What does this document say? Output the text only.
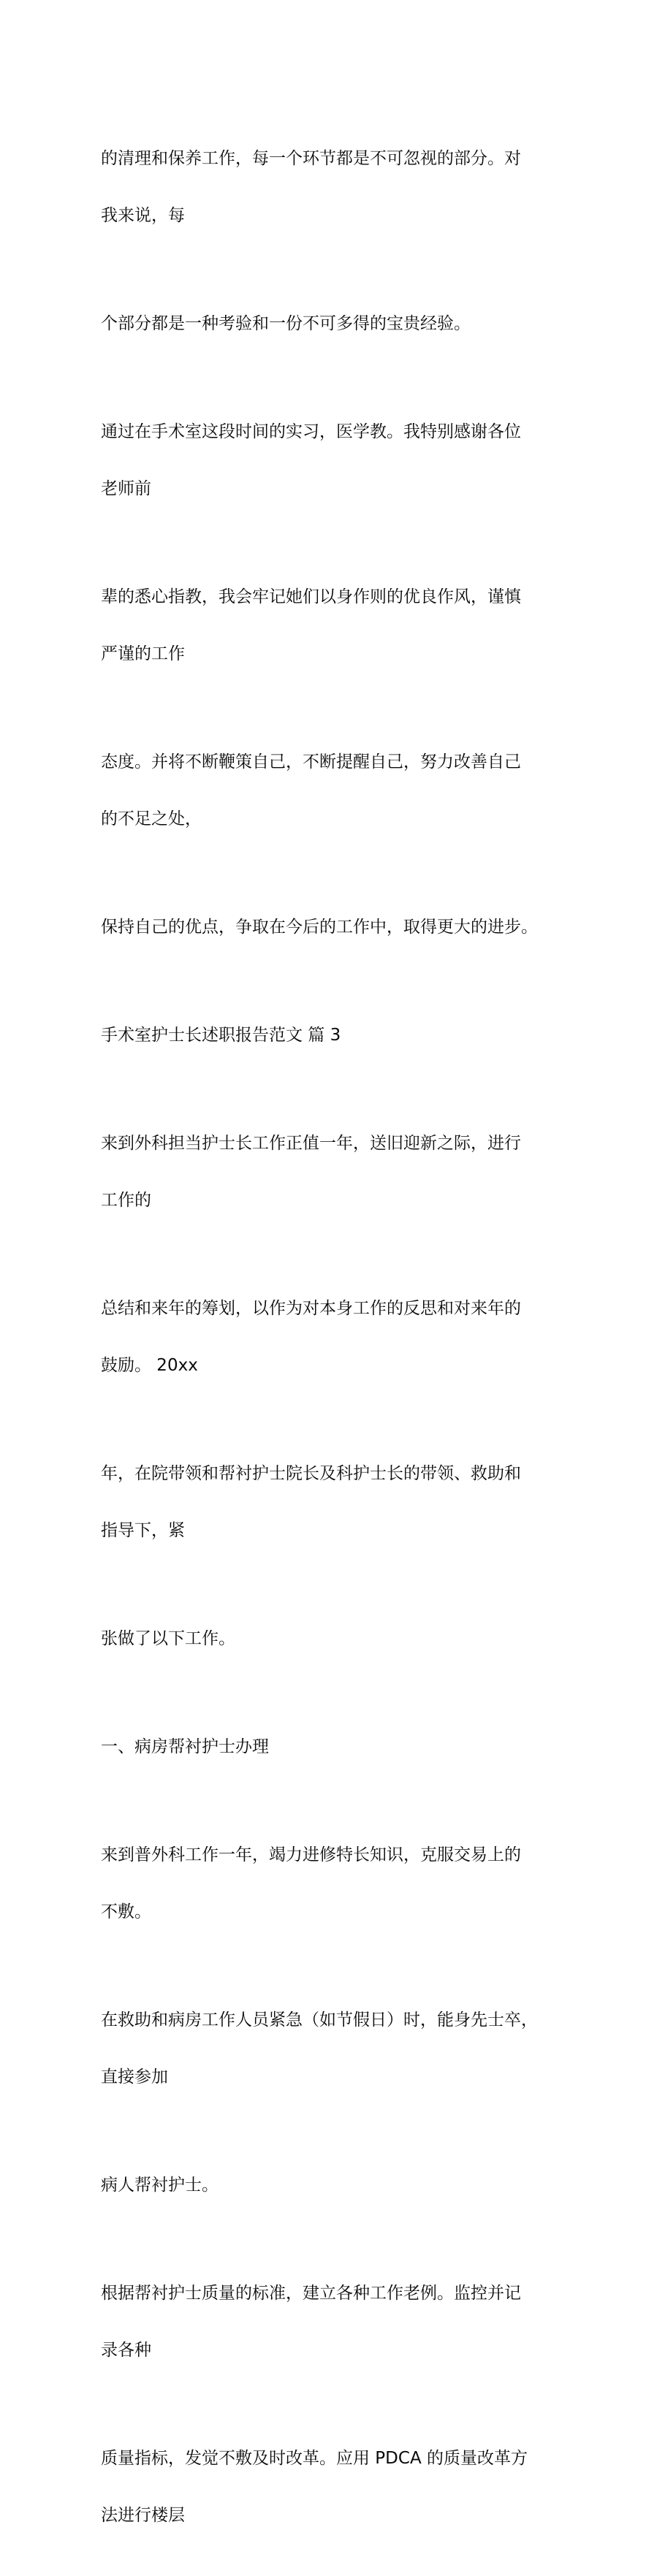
的清理和保养工作，每一个环节都是不可忽视的部分。对

我来说，每

个部分都是一种考验和一份不可多得的宝贵经验。

通过在手术室这段时间的实习，医学教。我特别感谢各位

老师前

辈的悉心指教，我会牢记她们以身作则的优良作风，谨慎

严谨的工作

态度。并将不断鞭策自己，不断提醒自己，努力改善自己

的不足之处，

保持自己的优点，争取在今后的工作中，取得更大的进步。

手术室护士长述职报告范文 篇 3

来到外科担当护士长工作正值一年，送旧迎新之际，进行

工作的

总结和来年的筹划，以作为对本身工作的反思和对来年的

鼓励。 20xx

年，在院带领和帮衬护士院长及科护士长的带领、救助和

指导下，紧

张做了以下工作。

一、病房帮衬护士办理

来到普外科工作一年，竭力进修特长知识，克服交易上的

不敷。

在救助和病房工作人员紧急（如节假日）时，能身先士卒，

直接参加

病人帮衬护士。

根据帮衬护士质量的标准，建立各种工作老例。监控并记

录各种

质量指标，发觉不敷及时改革。应用 PDCA 的质量改革方

法进行楼层
